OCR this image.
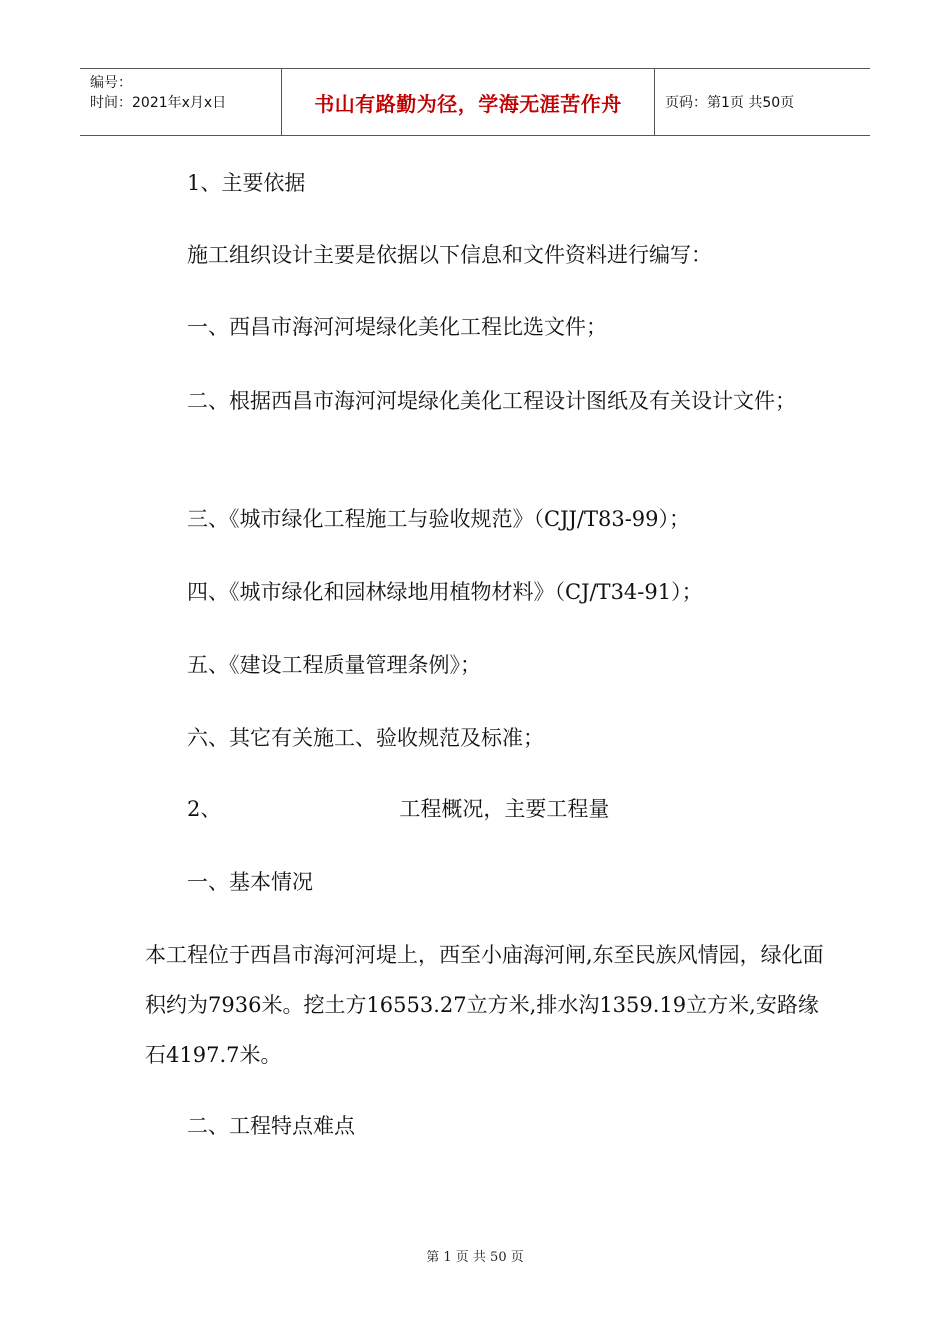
编号：
时间：2021年x月x日	书山有路勤为径，学海无涯苦作舟	页码：第1页 共50页

1、主要依据

施工组织设计主要是依据以下信息和文件资料进行编写：

一、西昌市海河河堤绿化美化工程比选文件；

二、根据西昌市海河河堤绿化美化工程设计图纸及有关设计文件；

三、《城市绿化工程施工与验收规范》（CJJ/T83-99）；

四、《城市绿化和园林绿地用植物材料》（CJ/T34-91）；

五、《建设工程质量管理条例》；

六、其它有关施工、验收规范及标准；

2、	工程概况，主要工程量

一、基本情况

本工程位于西昌市海河河堤上，西至小庙海河闸,东至民族风情园，绿化面积约为7936米。挖土方16553.27立方米,排水沟1359.19立方米,安路缘石4197.7米。

二、工程特点难点

第 1 页 共 50 页
